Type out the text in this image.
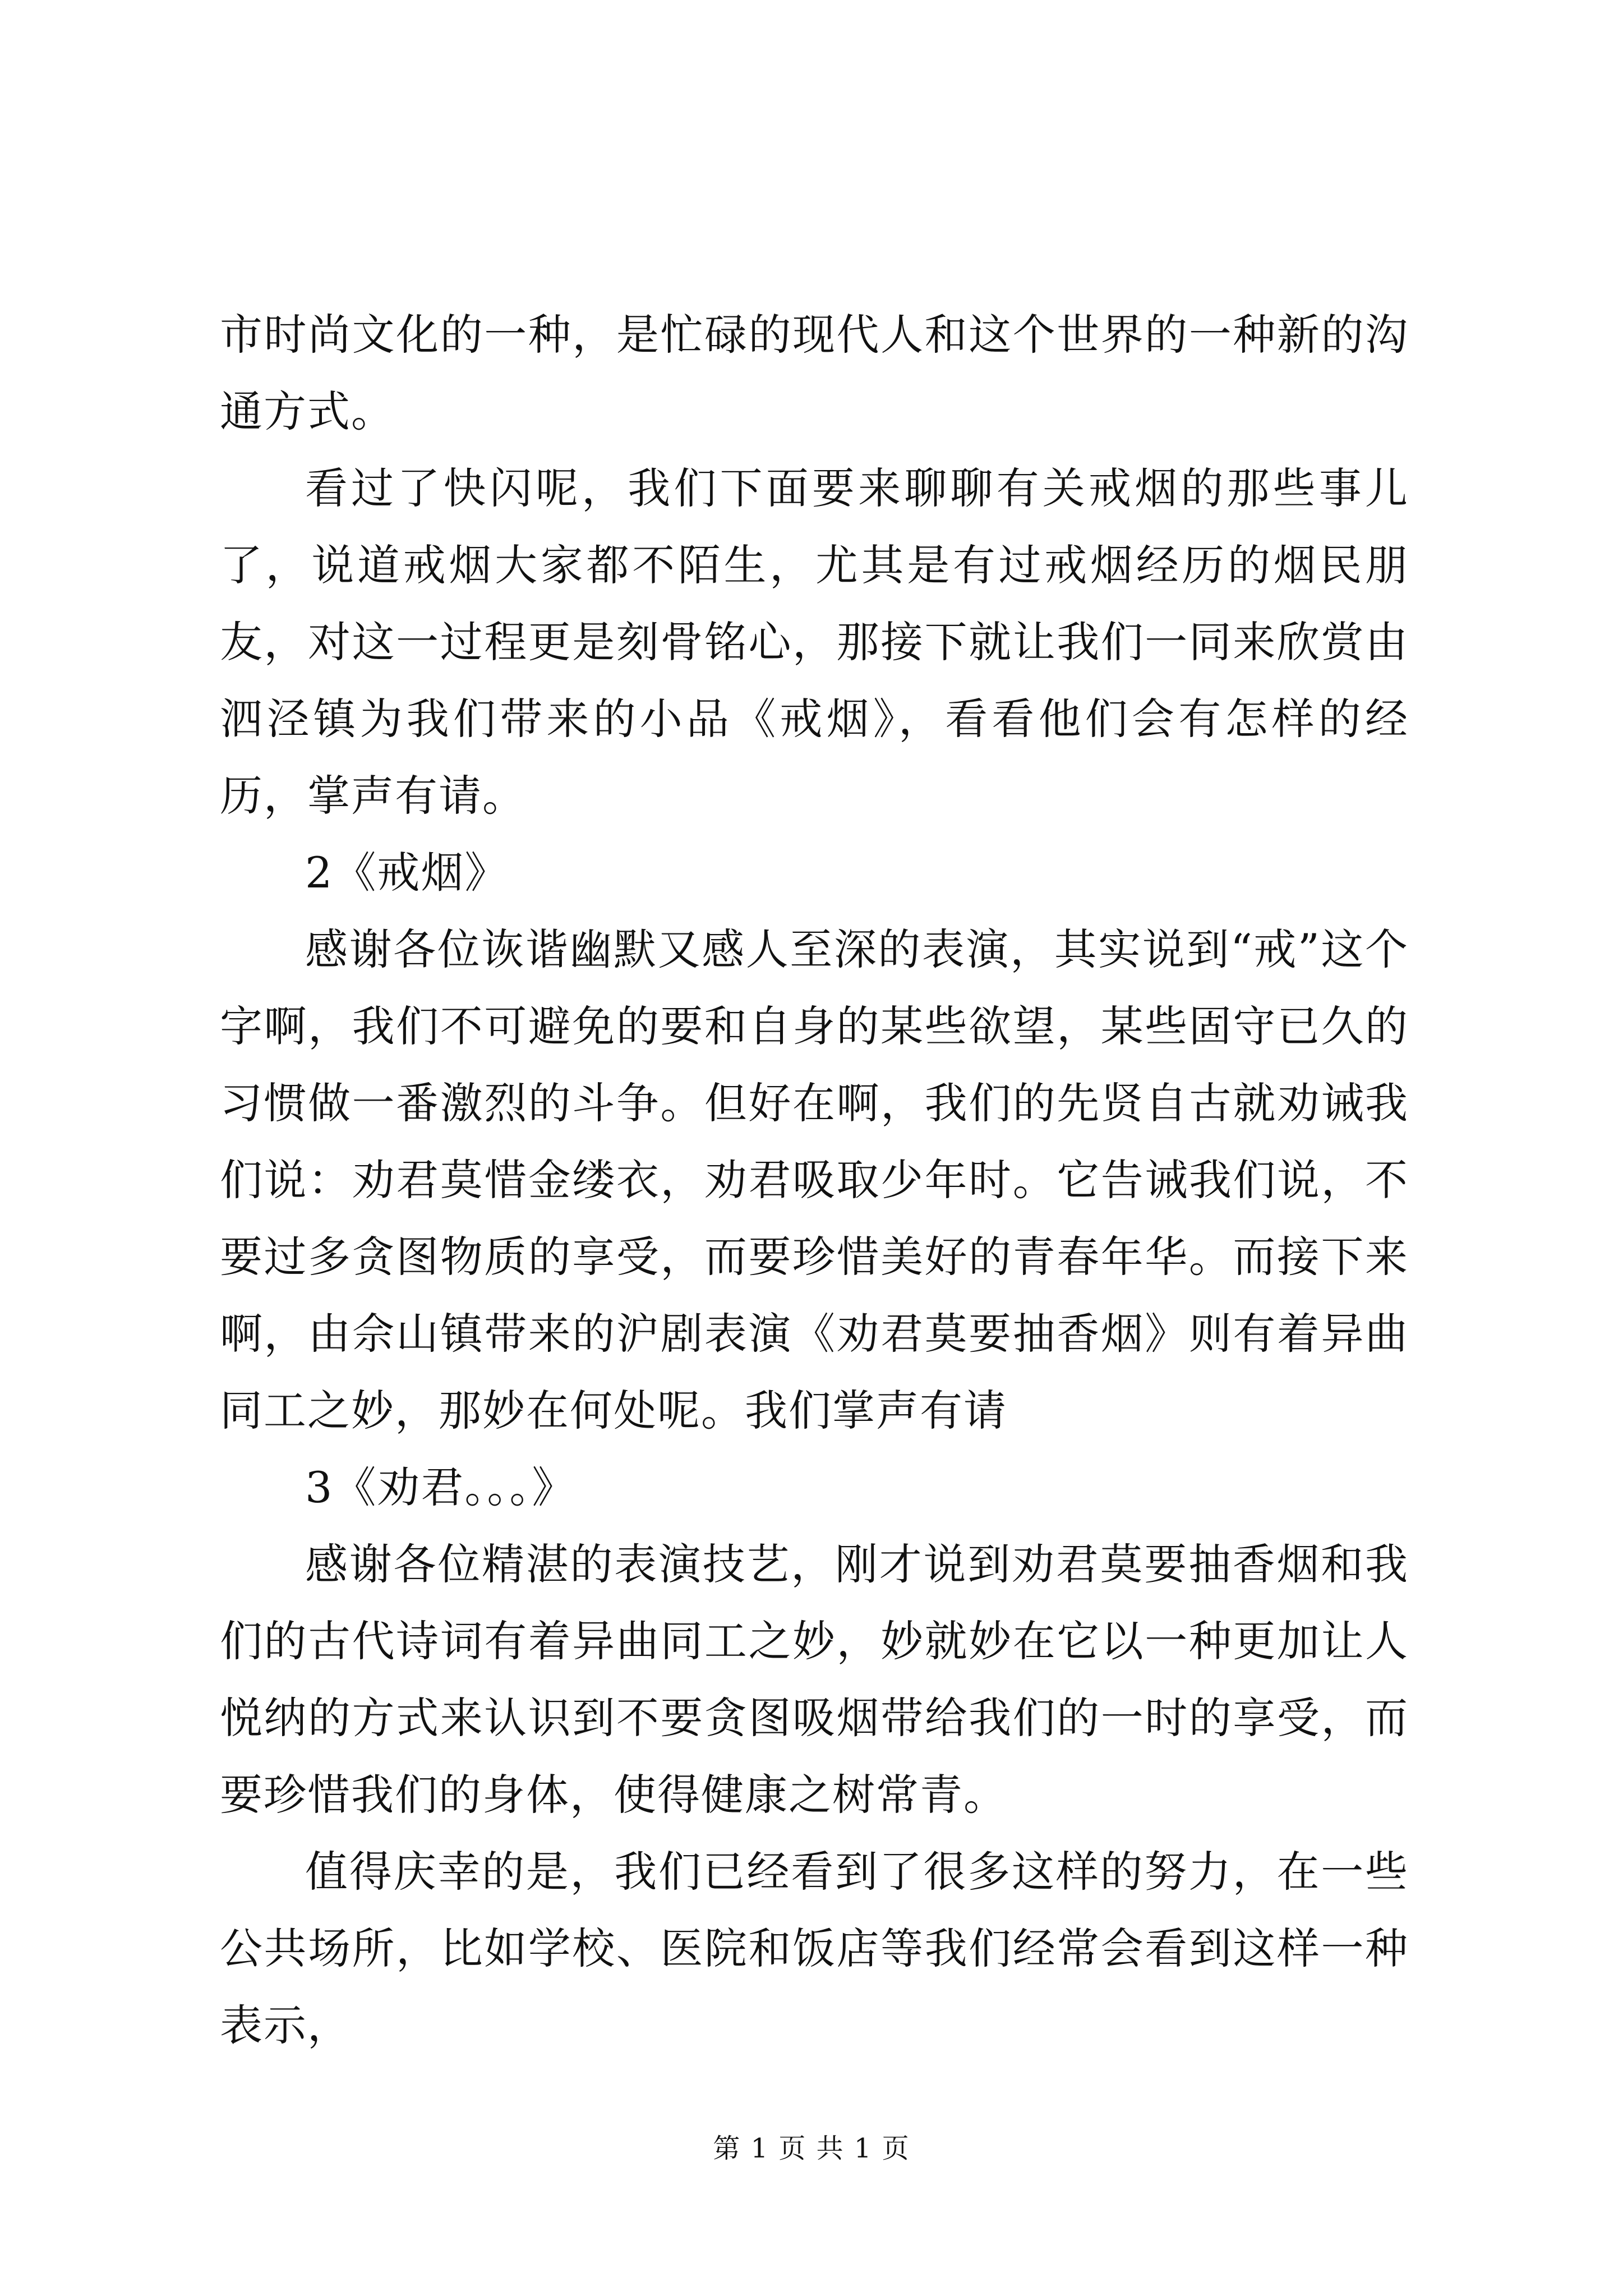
市时尚文化的一种，是忙碌的现代人和这个世界的一种新的沟通方式。

看过了快闪呢，我们下面要来聊聊有关戒烟的那些事儿了，说道戒烟大家都不陌生，尤其是有过戒烟经历的烟民朋友，对这一过程更是刻骨铭心，那接下就让我们一同来欣赏由泗泾镇为我们带来的小品《戒烟》，看看他们会有怎样的经历，掌声有请。

2《戒烟》

感谢各位诙谐幽默又感人至深的表演，其实说到“戒”这个字啊，我们不可避免的要和自身的某些欲望，某些固守已久的习惯做一番激烈的斗争。但好在啊，我们的先贤自古就劝诫我们说：劝君莫惜金缕衣，劝君吸取少年时。它告诫我们说，不要过多贪图物质的享受，而要珍惜美好的青春年华。而接下来啊，由佘山镇带来的沪剧表演《劝君莫要抽香烟》则有着异曲同工之妙，那妙在何处呢。我们掌声有请

3《劝君。。。》

感谢各位精湛的表演技艺，刚才说到劝君莫要抽香烟和我们的古代诗词有着异曲同工之妙，妙就妙在它以一种更加让人悦纳的方式来认识到不要贪图吸烟带给我们的一时的享受，而要珍惜我们的身体，使得健康之树常青。

值得庆幸的是，我们已经看到了很多这样的努力，在一些公共场所，比如学校、医院和饭店等我们经常会看到这样一种表示，

第 1 页 共 1 页
